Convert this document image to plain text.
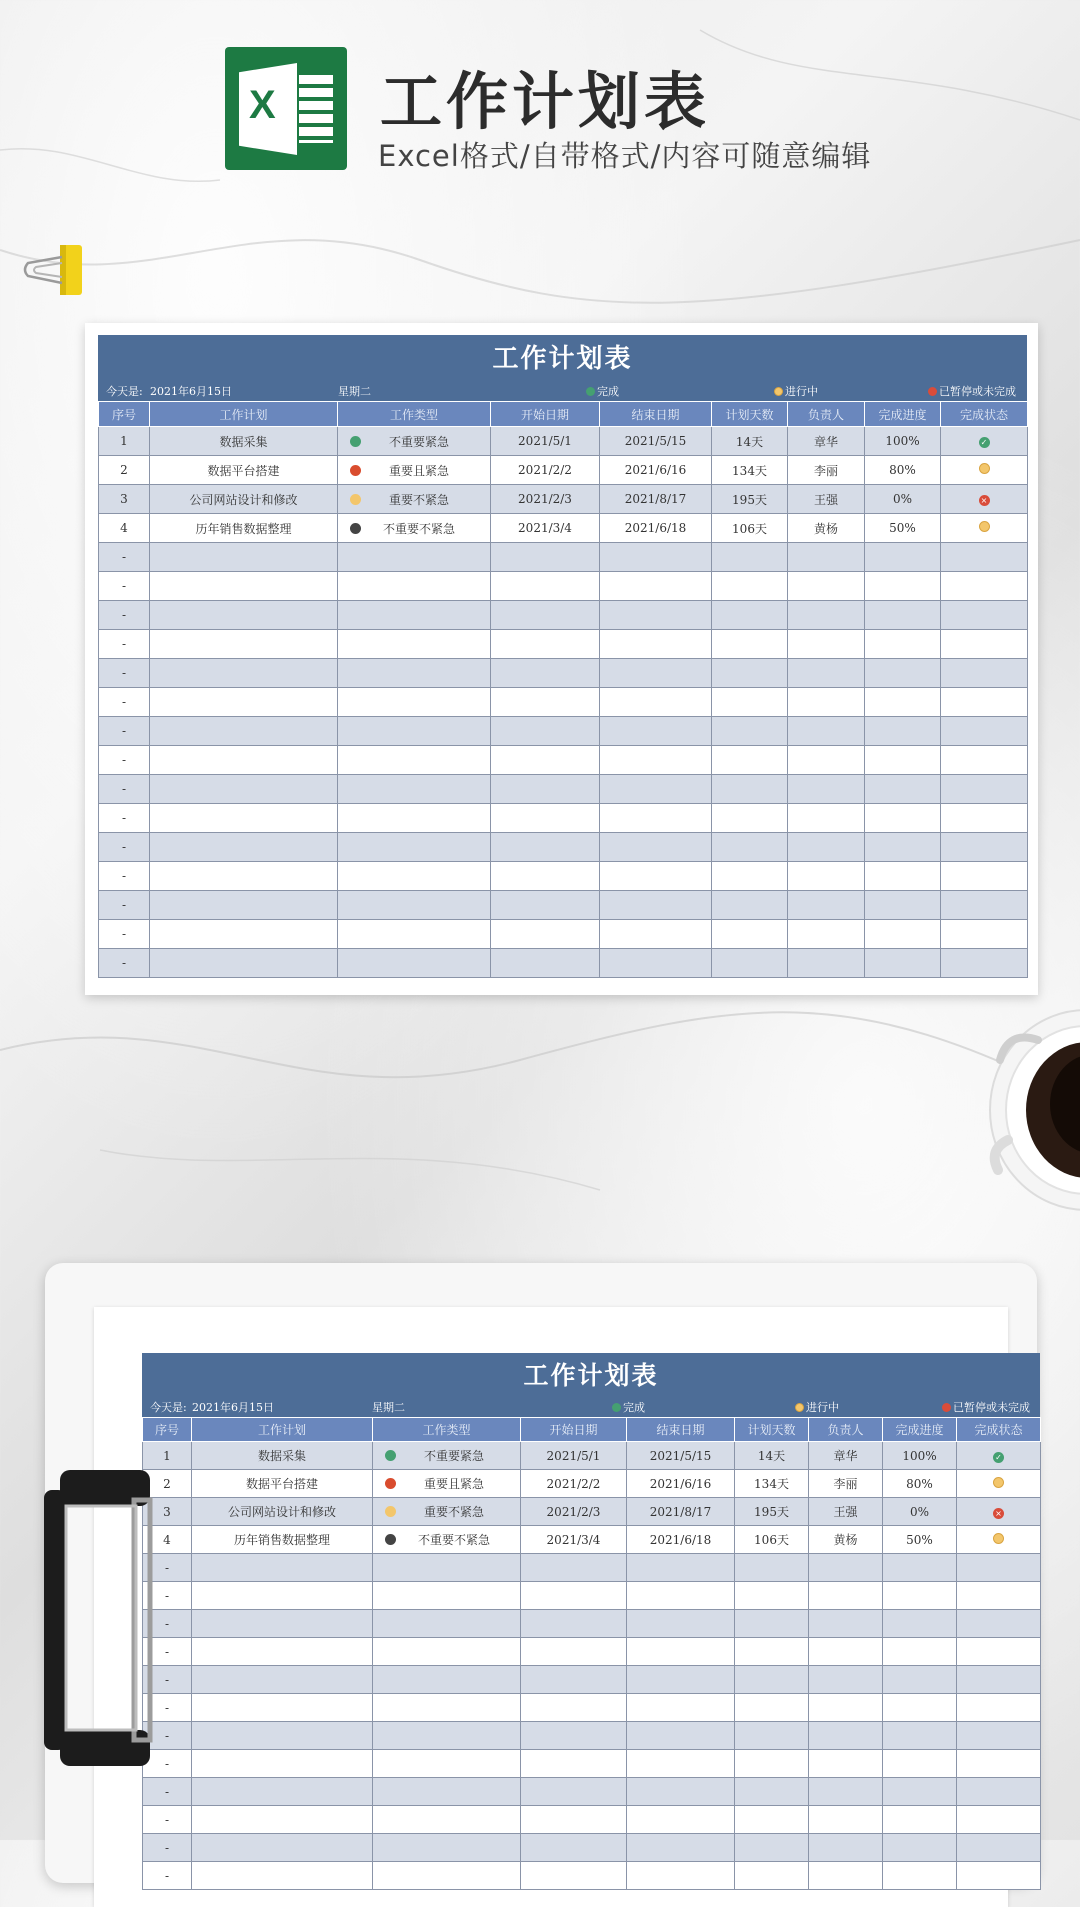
X 工作计划表
Excel格式/自带格式/内容可随意编辑
工作计划表
今天是: 2021年6月15日	星期二	完成	进行中	已暂停或未完成
序号	工作计划	工作类型	开始日期	结束日期	计划天数	负责人	完成进度	完成状态
1	数据采集	不重要紧急	2021/5/1	2021/5/15	14天	章华	100%	✓
2	数据平台搭建	重要且紧急	2021/2/2	2021/6/16	134天	李丽	80%	
3	公司网站设计和修改	重要不紧急	2021/2/3	2021/8/17	195天	王强	0%	×
4	历年销售数据整理	不重要不紧急	2021/3/4	2021/6/18	106天	黄杨	50%	
-								
-								
-								
-								
-								
-								
-								
-								
-								
-								
-								
-								
-								
-								
-								
工作计划表
今天是: 2021年6月15日	星期二	完成	进行中	已暂停或未完成
序号	工作计划	工作类型	开始日期	结束日期	计划天数	负责人	完成进度	完成状态
1	数据采集	不重要紧急	2021/5/1	2021/5/15	14天	章华	100%	✓
2	数据平台搭建	重要且紧急	2021/2/2	2021/6/16	134天	李丽	80%	
3	公司网站设计和修改	重要不紧急	2021/2/3	2021/8/17	195天	王强	0%	×
4	历年销售数据整理	不重要不紧急	2021/3/4	2021/6/18	106天	黄杨	50%	
-								
-								
-								
-								
-								
-								
-								
-								
-								
-								
-								
-								
